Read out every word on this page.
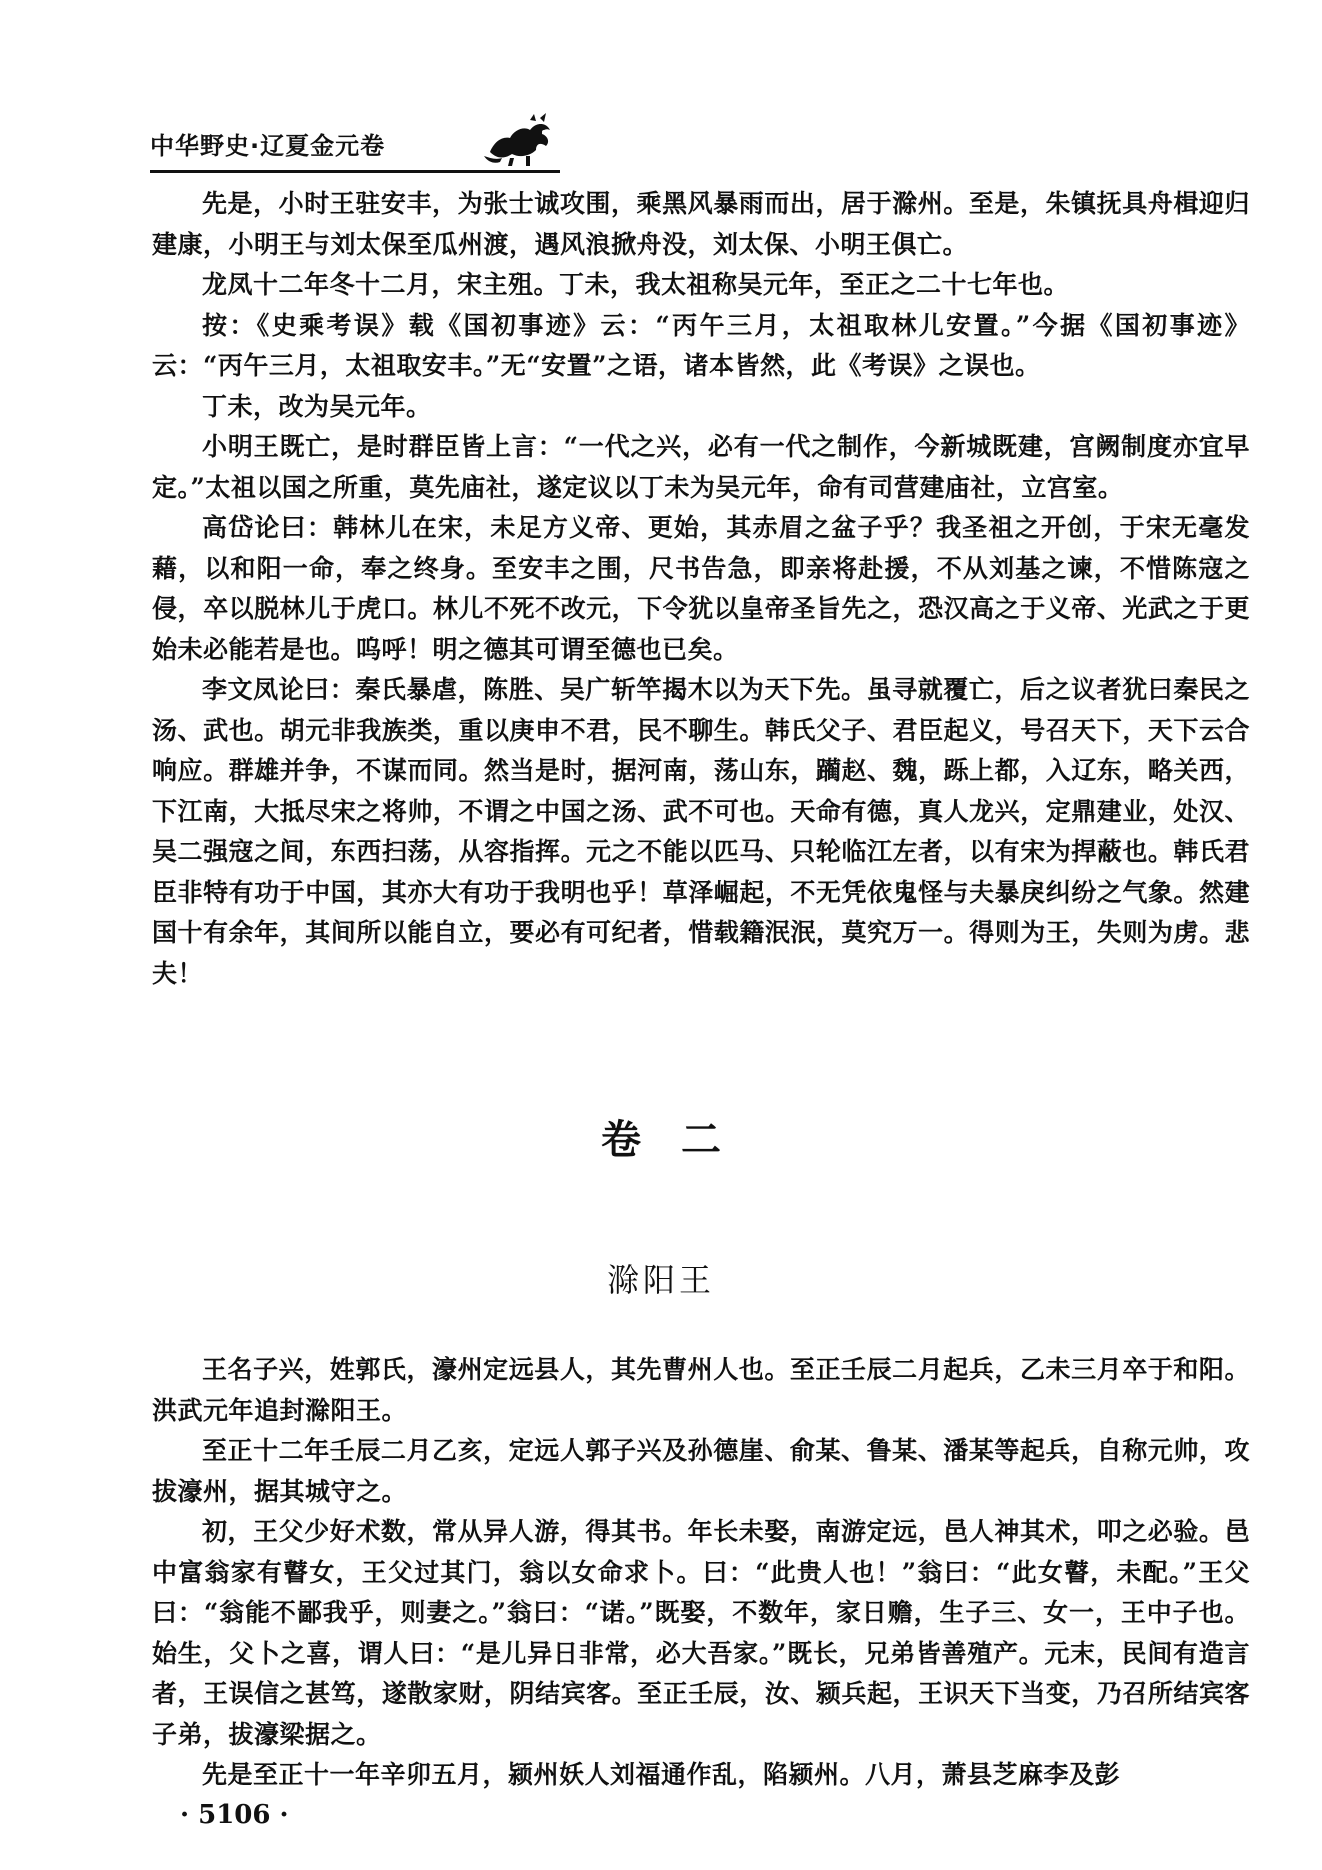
中华野史·辽夏金元卷

先是，小时王驻安丰，为张士诚攻围，乘黑风暴雨而出，居于滁州。至是，朱镇抚具舟楫迎归建康，小明王与刘太保至瓜州渡，遇风浪掀舟没，刘太保、小明王俱亡。

龙凤十二年冬十二月，宋主殂。丁未，我太祖称吴元年，至正之二十七年也。

按：《史乘考误》载《国初事迹》云：“丙午三月，太祖取林儿安置。”今据《国初事迹》云：“丙午三月，太祖取安丰。”无“安置”之语，诸本皆然，此《考误》之误也。

丁未，改为吴元年。

小明王既亡，是时群臣皆上言：“一代之兴，必有一代之制作，今新城既建，宫阙制度亦宜早定。”太祖以国之所重，莫先庙社，遂定议以丁未为吴元年，命有司营建庙社，立宫室。

高岱论曰：韩林儿在宋，未足方义帝、更始，其赤眉之盆子乎？我圣祖之开创，于宋无毫发藉，以和阳一命，奉之终身。至安丰之围，尺书告急，即亲将赴援，不从刘基之谏，不惜陈寇之侵，卒以脱林儿于虎口。林儿不死不改元，下令犹以皇帝圣旨先之，恐汉高之于义帝、光武之于更始未必能若是也。呜呼！明之德其可谓至德也已矣。

李文凤论曰：秦氏暴虐，陈胜、吴广斩竿揭木以为天下先。虽寻就覆亡，后之议者犹曰秦民之汤、武也。胡元非我族类，重以庚申不君，民不聊生。韩氏父子、君臣起义，号召天下，天下云合响应。群雄并争，不谋而同。然当是时，据河南，荡山东，躏赵、魏，跞上都，入辽东，略关西，下江南，大抵尽宋之将帅，不谓之中国之汤、武不可也。天命有德，真人龙兴，定鼎建业，处汉、吴二强寇之间，东西扫荡，从容指挥。元之不能以匹马、只轮临江左者，以有宋为捍蔽也。韩氏君臣非特有功于中国，其亦大有功于我明也乎！草泽崛起，不无凭依鬼怪与夫暴戾纠纷之气象。然建国十有余年，其间所以能自立，要必有可纪者，惜载籍泯泯，莫究万一。得则为王，失则为虏。悲夫！

卷二
滁阳王

王名子兴，姓郭氏，濠州定远县人，其先曹州人也。至正壬辰二月起兵，乙未三月卒于和阳。洪武元年追封滁阳王。

至正十二年壬辰二月乙亥，定远人郭子兴及孙德崖、俞某、鲁某、潘某等起兵，自称元帅，攻拔濠州，据其城守之。

初，王父少好术数，常从异人游，得其书。年长未娶，南游定远，邑人神其术，叩之必验。邑中富翁家有瞽女，王父过其门，翁以女命求卜。曰：“此贵人也！”翁曰：“此女瞽，未配。”王父曰：“翁能不鄙我乎，则妻之。”翁曰：“诺。”既娶，不数年，家日赡，生子三、女一，王中子也。始生，父卜之喜，谓人曰：“是儿异日非常，必大吾家。”既长，兄弟皆善殖产。元末，民间有造言者，王误信之甚笃，遂散家财，阴结宾客。至正壬辰，汝、颍兵起，王识天下当变，乃召所结宾客子弟，拔濠梁据之。

先是至正十一年辛卯五月，颍州妖人刘福通作乱，陷颍州。八月，萧县芝麻李及彭

· 5106 ·
